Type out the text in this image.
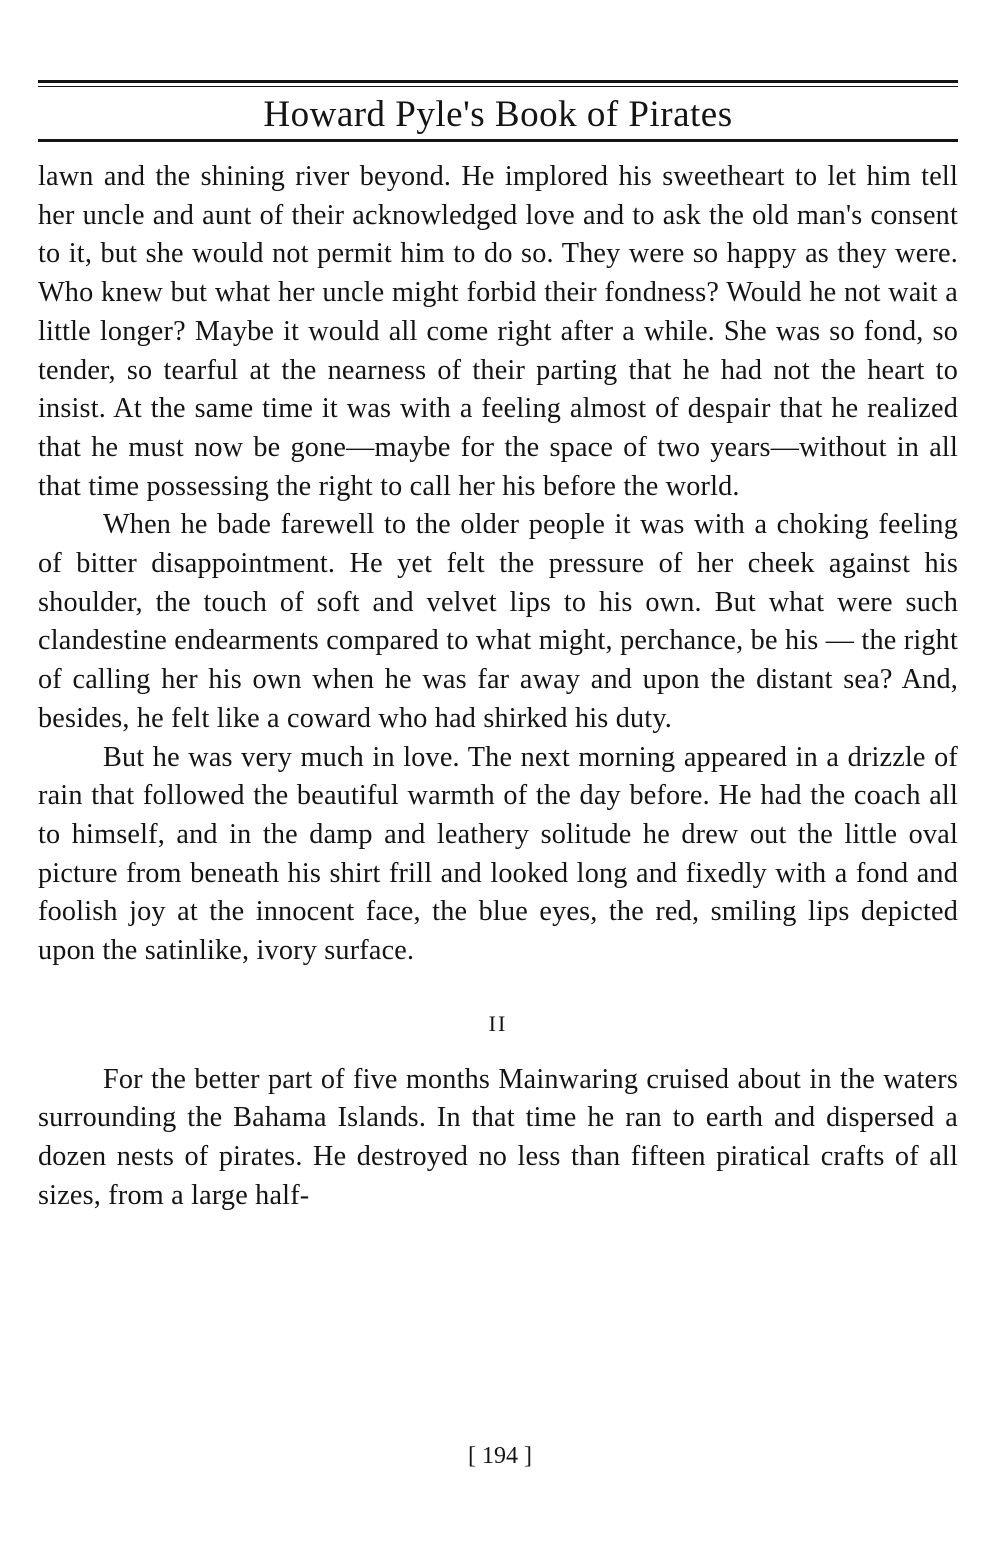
Howard Pyle's Book of Pirates

lawn and the shining river beyond. He implored his sweetheart to let him tell her uncle and aunt of their acknowledged love and to ask the old man's consent to it, but she would not permit him to do so. They were so happy as they were. Who knew but what her uncle might forbid their fondness? Would he not wait a little longer? Maybe it would all come right after a while. She was so fond, so tender, so tearful at the nearness of their parting that he had not the heart to insist. At the same time it was with a feeling almost of despair that he realized that he must now be gone—maybe for the space of two years—without in all that time possessing the right to call her his before the world.

When he bade farewell to the older people it was with a choking feeling of bitter disappointment. He yet felt the pressure of her cheek against his shoulder, the touch of soft and velvet lips to his own. But what were such clandestine endearments compared to what might, perchance, be his — the right of calling her his own when he was far away and upon the distant sea? And, besides, he felt like a coward who had shirked his duty.

But he was very much in love. The next morning appeared in a drizzle of rain that followed the beautiful warmth of the day before. He had the coach all to himself, and in the damp and leathery solitude he drew out the little oval picture from beneath his shirt frill and looked long and fixedly with a fond and foolish joy at the innocent face, the blue eyes, the red, smiling lips depicted upon the satinlike, ivory surface.

II

For the better part of five months Mainwaring cruised about in the waters surrounding the Bahama Islands. In that time he ran to earth and dispersed a dozen nests of pirates. He destroyed no less than fifteen piratical crafts of all sizes, from a large half-

[ 194 ]
